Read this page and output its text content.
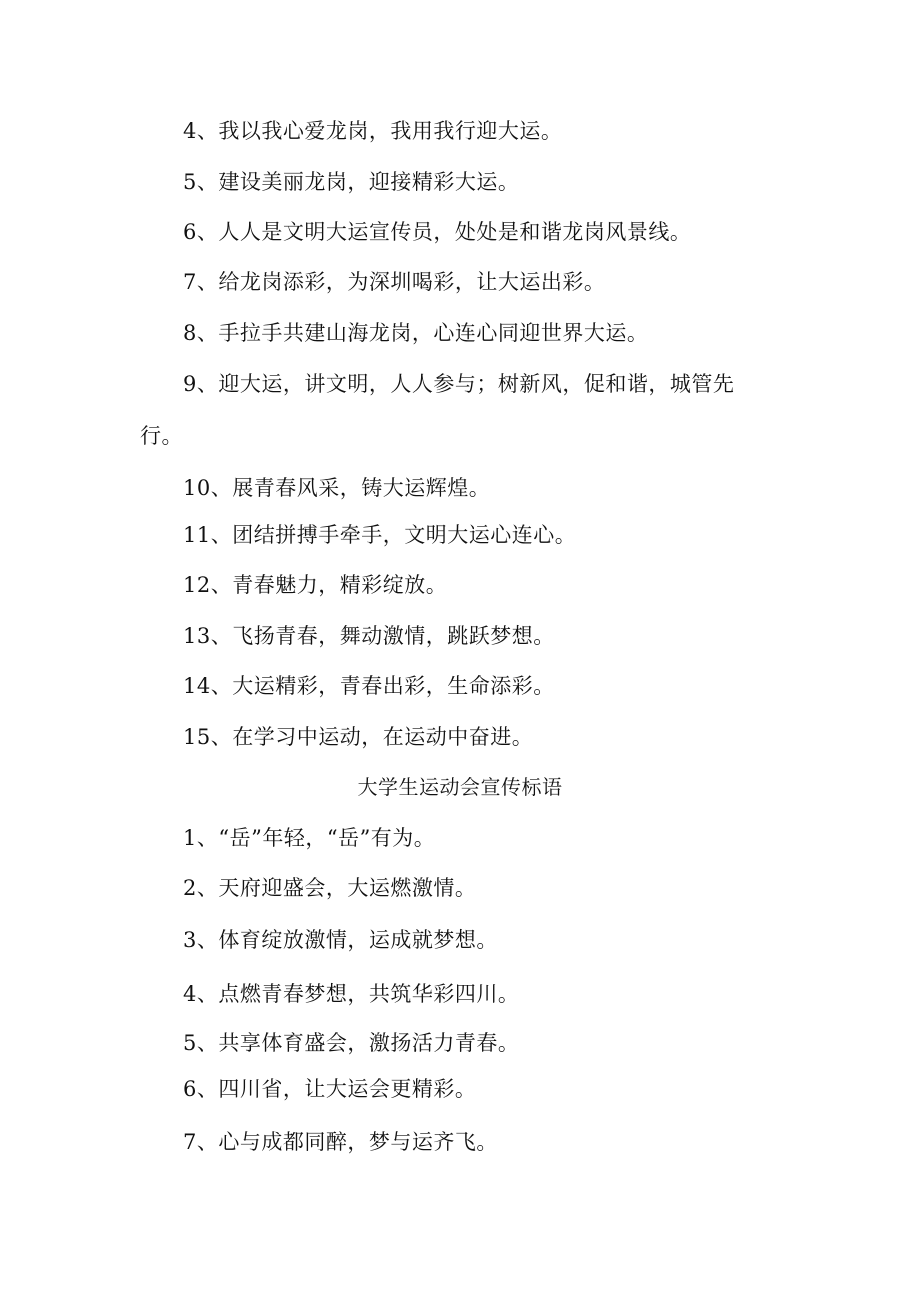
4、我以我心爱龙岗，我用我行迎大运。
5、建设美丽龙岗，迎接精彩大运。
6、人人是文明大运宣传员，处处是和谐龙岗风景线。
7、给龙岗添彩，为深圳喝彩，让大运出彩。
8、手拉手共建山海龙岗，心连心同迎世界大运。
9、迎大运，讲文明，人人参与；树新风，促和谐，城管先
行。
10、展青春风采，铸大运辉煌。
11、团结拼搏手牵手，文明大运心连心。
12、青春魅力，精彩绽放。
13、飞扬青春，舞动激情，跳跃梦想。
14、大运精彩，青春出彩，生命添彩。
15、在学习中运动，在运动中奋进。
大学生运动会宣传标语
1、“岳”年轻，“岳”有为。
2、天府迎盛会，大运燃激情。
3、体育绽放激情，运成就梦想。
4、点燃青春梦想，共筑华彩四川。
5、共享体育盛会，激扬活力青春。
6、四川省，让大运会更精彩。
7、心与成都同醉，梦与运齐飞。
